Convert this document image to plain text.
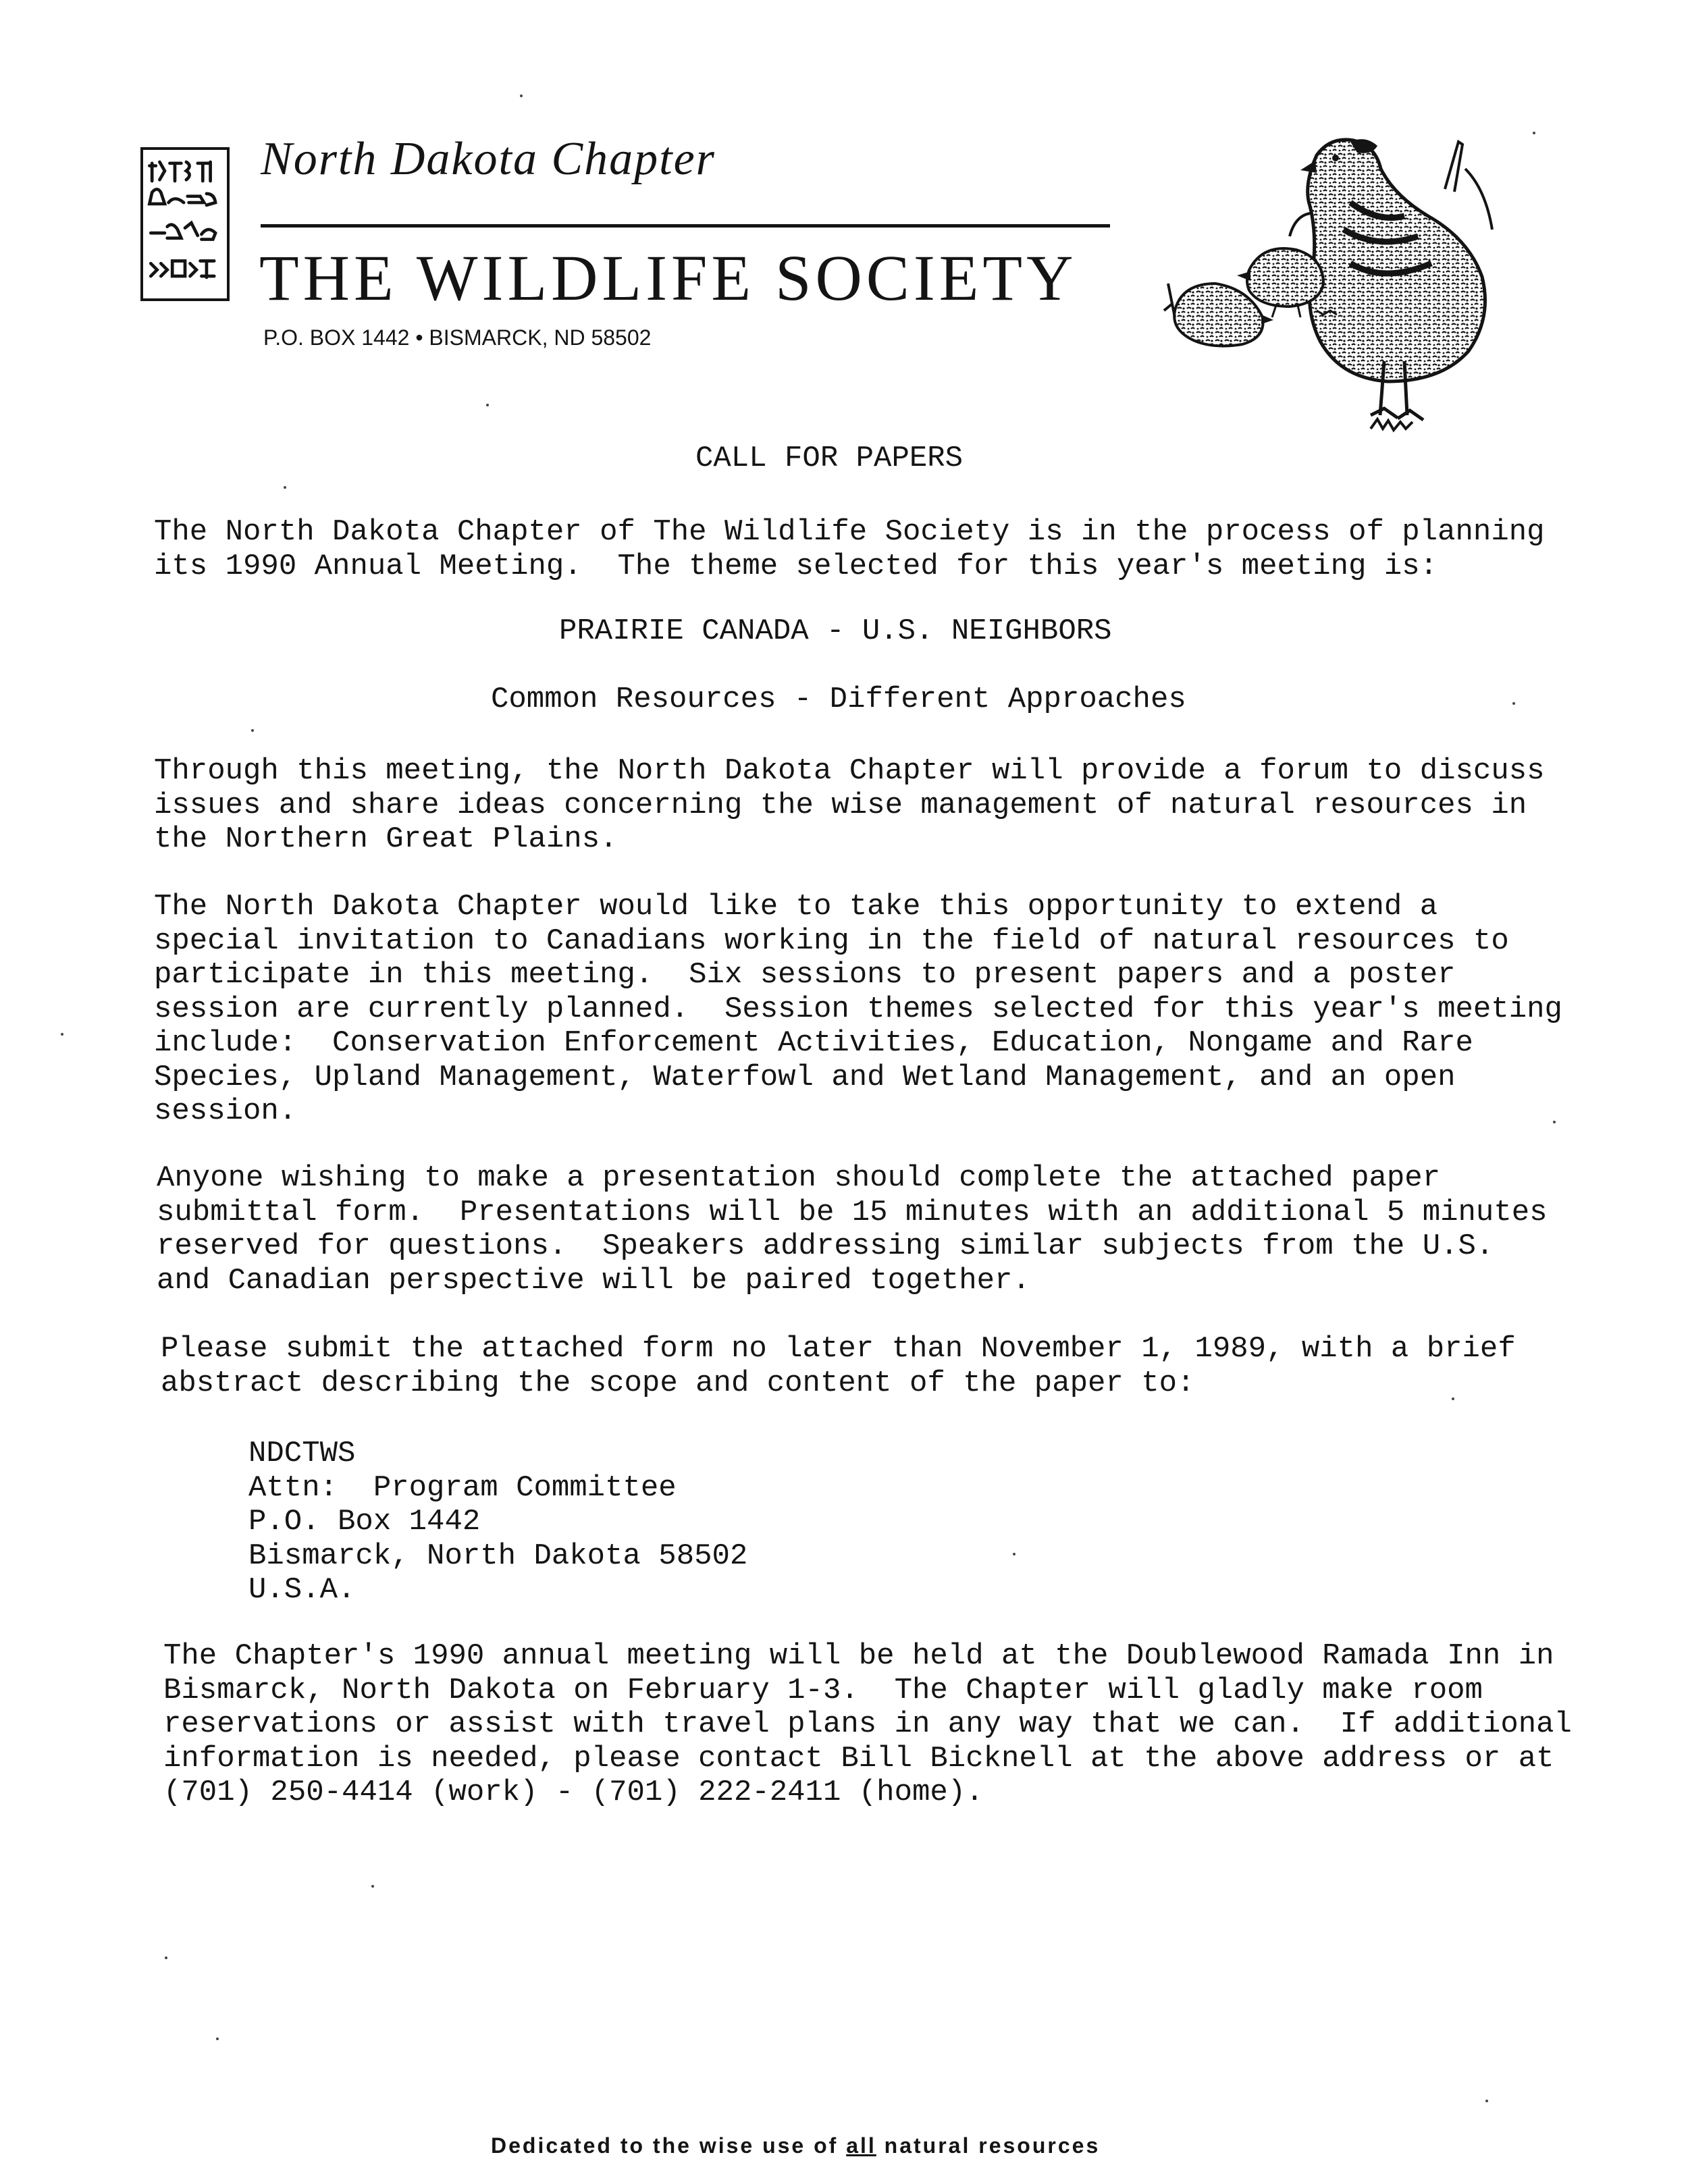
North Dakota Chapter
THE WILDLIFE SOCIETY
P.O. BOX 1442 • BISMARCK, ND 58502
CALL FOR PAPERS
The North Dakota Chapter of The Wildlife Society is in the process of planning
its 1990 Annual Meeting.  The theme selected for this year's meeting is:
PRAIRIE CANADA - U.S. NEIGHBORS
Common Resources - Different Approaches
Through this meeting, the North Dakota Chapter will provide a forum to discuss
issues and share ideas concerning the wise management of natural resources in
the Northern Great Plains.
The North Dakota Chapter would like to take this opportunity to extend a
special invitation to Canadians working in the field of natural resources to
participate in this meeting.  Six sessions to present papers and a poster
session are currently planned.  Session themes selected for this year's meeting
include:  Conservation Enforcement Activities, Education, Nongame and Rare
Species, Upland Management, Waterfowl and Wetland Management, and an open
session.
Anyone wishing to make a presentation should complete the attached paper
submittal form.  Presentations will be 15 minutes with an additional 5 minutes
reserved for questions.  Speakers addressing similar subjects from the U.S.
and Canadian perspective will be paired together.
Please submit the attached form no later than November 1, 1989, with a brief
abstract describing the scope and content of the paper to:
NDCTWS
Attn:  Program Committee
P.O. Box 1442
Bismarck, North Dakota 58502
U.S.A.
The Chapter's 1990 annual meeting will be held at the Doublewood Ramada Inn in
Bismarck, North Dakota on February 1-3.  The Chapter will gladly make room
reservations or assist with travel plans in any way that we can.  If additional
information is needed, please contact Bill Bicknell at the above address or at
(701) 250-4414 (work) - (701) 222-2411 (home).
Dedicated to the wise use of all natural resources
